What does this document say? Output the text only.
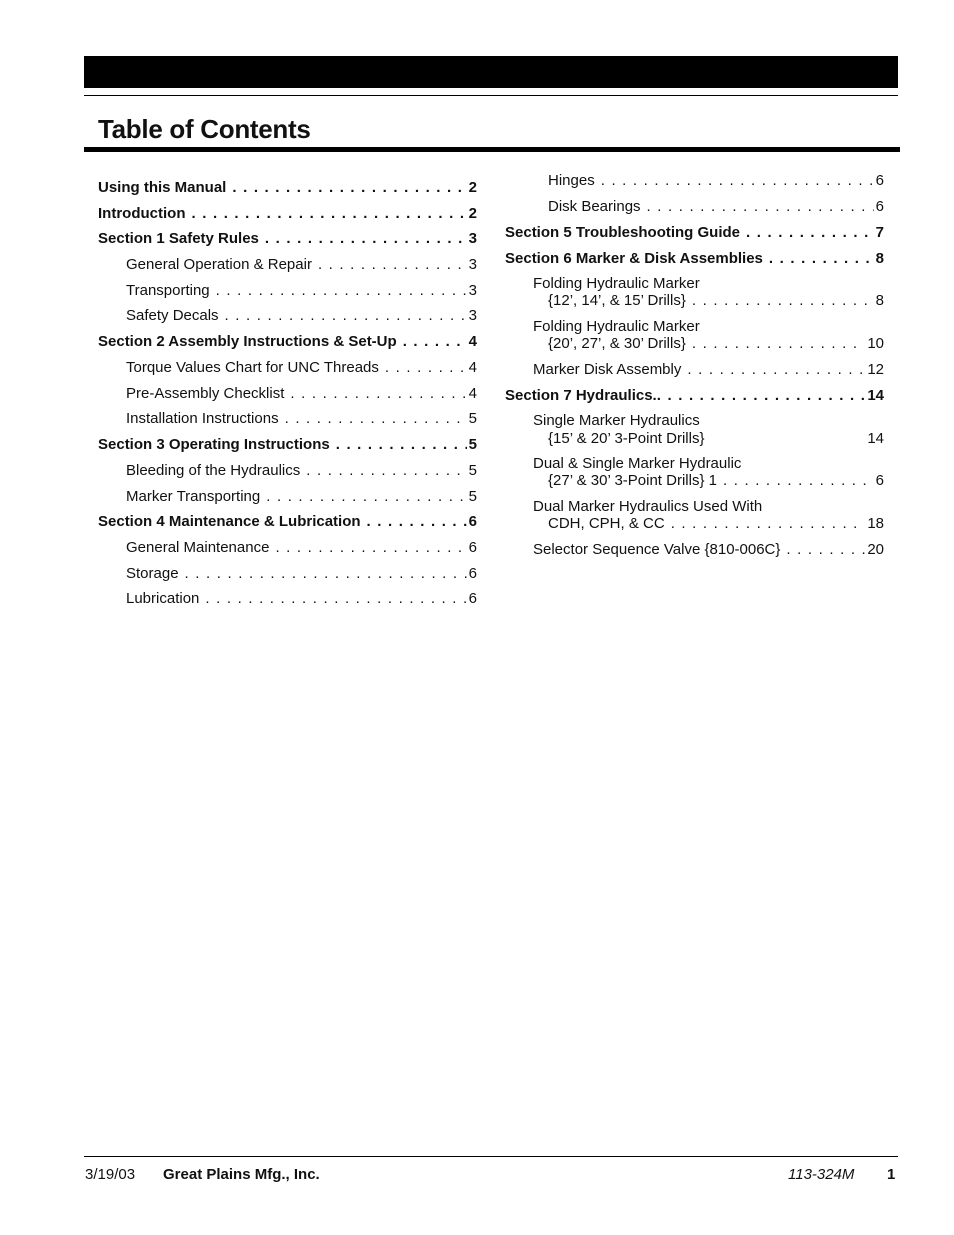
Table of Contents
Using this Manual . . .	2
Introduction . . .	2
Section 1 Safety Rules . . .	3
General Operation & Repair . . .	3
Transporting . . .	3
Safety Decals . . .	3
Section 2 Assembly Instructions & Set-Up . . .	4
Torque Values Chart for UNC Threads . . .	4
Pre-Assembly Checklist . . .	4
Installation Instructions . . .	5
Section 3 Operating Instructions . . .	5
Bleeding of the Hydraulics . . .	5
Marker Transporting . . .	5
Section 4 Maintenance & Lubrication . . .	6
General Maintenance . . .	6
Storage . . .	6
Lubrication . . .	6
Hinges . . .	6
Disk Bearings . . .	6
Section 5 Troubleshooting Guide . . .	7
Section 6 Marker & Disk Assemblies . . .	8
Folding Hydraulic Marker
{12’, 14’, & 15’ Drills} . . .	8
Folding Hydraulic Marker
{20’, 27’, & 30’ Drills} . . .	10
Marker Disk Assembly . . .	12
Section 7 Hydraulics. . . .	14
Single Marker Hydraulics
{15’ & 20’ 3-Point Drills}	14
Dual & Single Marker Hydraulic
{27’ & 30’ 3-Point Drills} 1 . . .	6
Dual Marker Hydraulics Used With
CDH, CPH, & CC . . .	18
Selector Sequence Valve {810-006C} . . .	20
3/19/03 Great Plains Mfg., Inc.	113-324M 1
